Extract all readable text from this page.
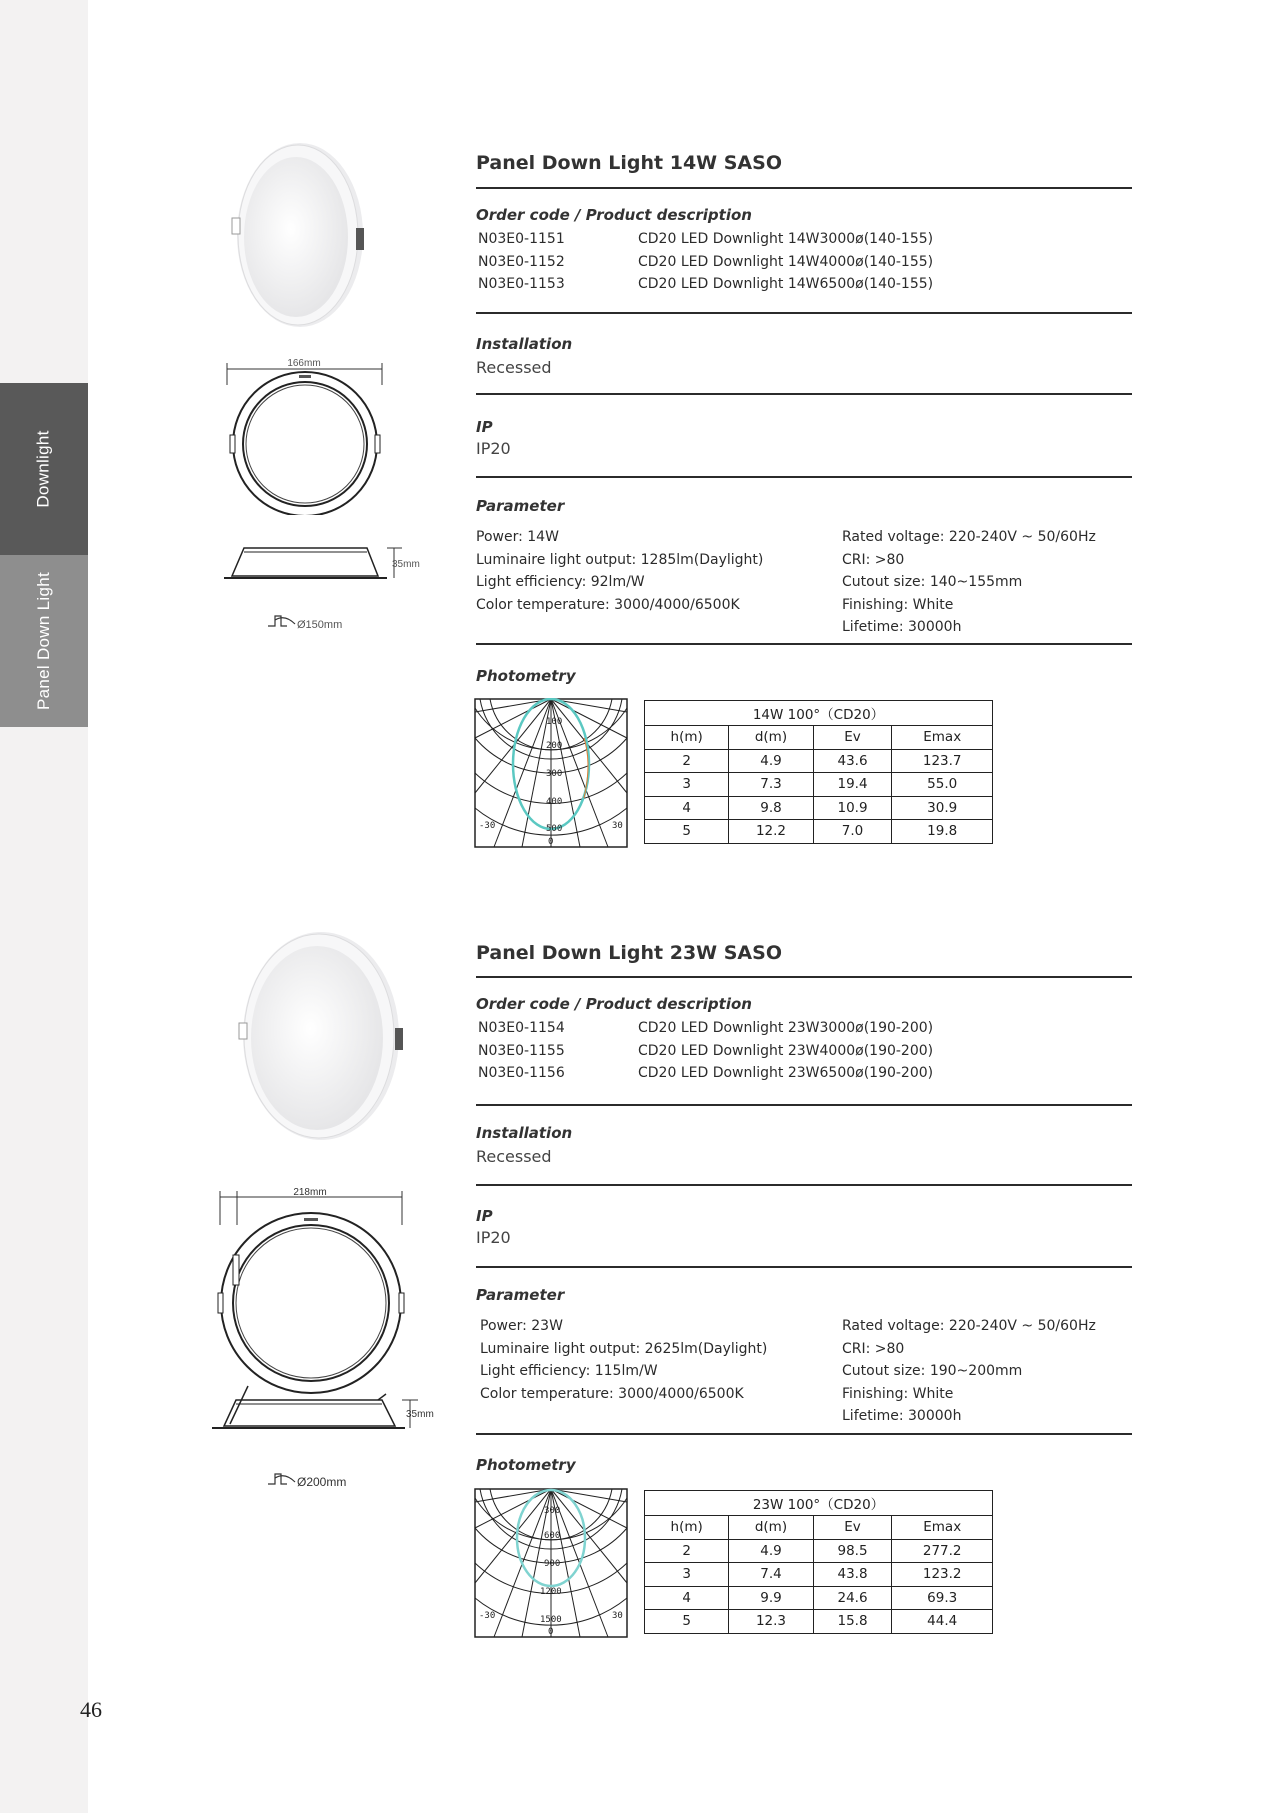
Downlight
Panel Down Light
46
166mm
35mm
Ø150mm
Panel Down Light 14W SASO
Order code / Product description
N03E0-1151	CD20 LED Downlight 14W3000ø(140-155)
N03E0-1152	CD20 LED Downlight 14W4000ø(140-155)
N03E0-1153	CD20 LED Downlight 14W6500ø(140-155)
Installation
Recessed
IP
IP20
Parameter
Power: 14W
Luminaire light output: 1285lm(Daylight)
Light efficiency: 92lm/W
Color temperature: 3000/4000/6500K
Rated voltage: 220-240V ~ 50/60Hz
CRI: >80
Cutout size: 140~155mm
Finishing: White
Lifetime: 30000h
Photometry
100
200
300
400
500
-30	30
0
14W 100°（CD20）			
h(m)	d(m)	Ev	Emax
2	4.9	43.6	123.7
3	7.3	19.4	55.0
4	9.8	10.9	30.9
5	12.2	7.0	19.8
218mm
35mm
Ø200mm
Panel Down Light 23W SASO
Order code / Product description
N03E0-1154	CD20 LED Downlight 23W3000ø(190-200)
N03E0-1155	CD20 LED Downlight 23W4000ø(190-200)
N03E0-1156	CD20 LED Downlight 23W6500ø(190-200)
Installation
Recessed
IP
IP20
Parameter
Power: 23W
Luminaire light output: 2625lm(Daylight)
Light efficiency: 115lm/W
Color temperature: 3000/4000/6500K
Rated voltage: 220-240V ~ 50/60Hz
CRI: >80
Cutout size: 190~200mm
Finishing: White
Lifetime: 30000h
Photometry
300
600
900
1200
1500
-30	30
0
23W 100°（CD20）			
h(m)	d(m)	Ev	Emax
2	4.9	98.5	277.2
3	7.4	43.8	123.2
4	9.9	24.6	69.3
5	12.3	15.8	44.4
